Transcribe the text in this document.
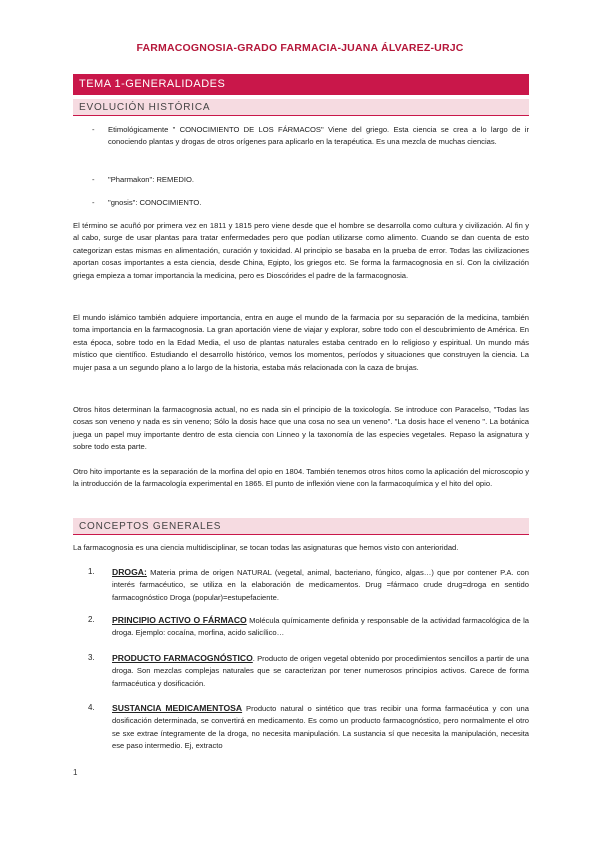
FARMACOGNOSIA-GRADO FARMACIA-JUANA ÁLVAREZ-URJC
TEMA 1-GENERALIDADES
EVOLUCIÓN HISTÓRICA
- Etimológicamente " CONOCIMIENTO DE LOS FÁRMACOS" Viene del griego. Esta ciencia se crea a lo largo de ir conociendo plantas y drogas de otros orígenes para aplicarlo en la terapéutica. Es una mezcla de muchas ciencias.

- "Pharmakon": REMEDIO.

- "gnosis": CONOCIMIENTO.

El término se acuñó por primera vez en 1811 y 1815 pero viene desde que el hombre se desarrolla como cultura y civilización. Al fin y al cabo, surge de usar plantas para tratar enfermedades pero que podían utilizarse como alimento. Cuando se dan cuenta de esto categorizan estas mismas en alimentación, curación y toxicidad. Al principio se basaba en la prueba de error. Todas las civilizaciones aportan cosas importantes a esta ciencia, desde China, Egipto, los griegos etc. Se forma la farmacognosia en sí. Con la civilización griega empieza a tomar importancia la medicina, pero es Dioscórides el padre de la farmacognosia.

El mundo islámico también adquiere importancia, entra en auge el mundo de la farmacia por su separación de la medicina, también toma importancia en la farmacognosia. La gran aportación viene de viajar y explorar, sobre todo con el descubrimiento de América. En esta época, sobre todo en la Edad Media, el uso de plantas naturales estaba centrado en lo religioso y espiritual. Un mundo más místico que científico. Estudiando el desarrollo histórico, vemos los momentos, períodos y situaciones que construyen la ciencia. La mujer pasa a un segundo plano a lo largo de la historia, estaba más relacionada con la caza de brujas.

Otros hitos determinan la farmacognosia actual, no es nada sin el principio de la toxicología. Se introduce con Paracelso, "Todas las cosas son veneno y nada es sin veneno; Sólo la dosis hace que una cosa no sea un veneno". "La dosis hace el veneno ". La botánica juega un papel muy importante dentro de esta ciencia con Linneo y la taxonomía de las especies vegetales. Repaso la asignatura y sobre todo esta parte.

Otro hito importante es la separación de la morfina del opio en 1804. También tenemos otros hitos como la aplicación del microscopio y la introducción de la farmacología experimental en 1865. El punto de inflexión viene con la farmacoquímica y el hito del opio.

CONCEPTOS GENERALES

La farmacognosia es una ciencia multidisciplinar, se tocan todas las asignaturas que hemos visto con anterioridad.

1. DROGA: Materia prima de origen NATURAL (vegetal, animal, bacteriano, fúngico, algas…) que por contener P.A. con interés farmacéutico, se utiliza en la elaboración de medicamentos. Drug =fármaco crude drug=droga en sentido farmacognóstico Droga (popular)=estupefaciente.

2. PRINCIPIO ACTIVO O FÁRMACO Molécula químicamente definida y responsable de la actividad farmacológica de la droga. Ejemplo: cocaína, morfina, acido salicílico…

3. PRODUCTO FARMACOGNÓSTICO. Producto de origen vegetal obtenido por procedimientos sencillos a partir de una droga. Son mezclas complejas naturales que se caracterizan por tener numerosos principios activos. Carece de forma farmacéutica y dosificación.

4. SUSTANCIA MEDICAMENTOSA Producto natural o sintético que tras recibir una forma farmacéutica y con una dosificación determinada, se convertirá en medicamento. Es como un producto farmacognóstico, pero normalmente el otro se sxe extrae íntegramente de la droga, no necesita manipulación. La sustancia sí que necesita la manipulación, necesita ese paso intermedio. Ej, extracto

1
